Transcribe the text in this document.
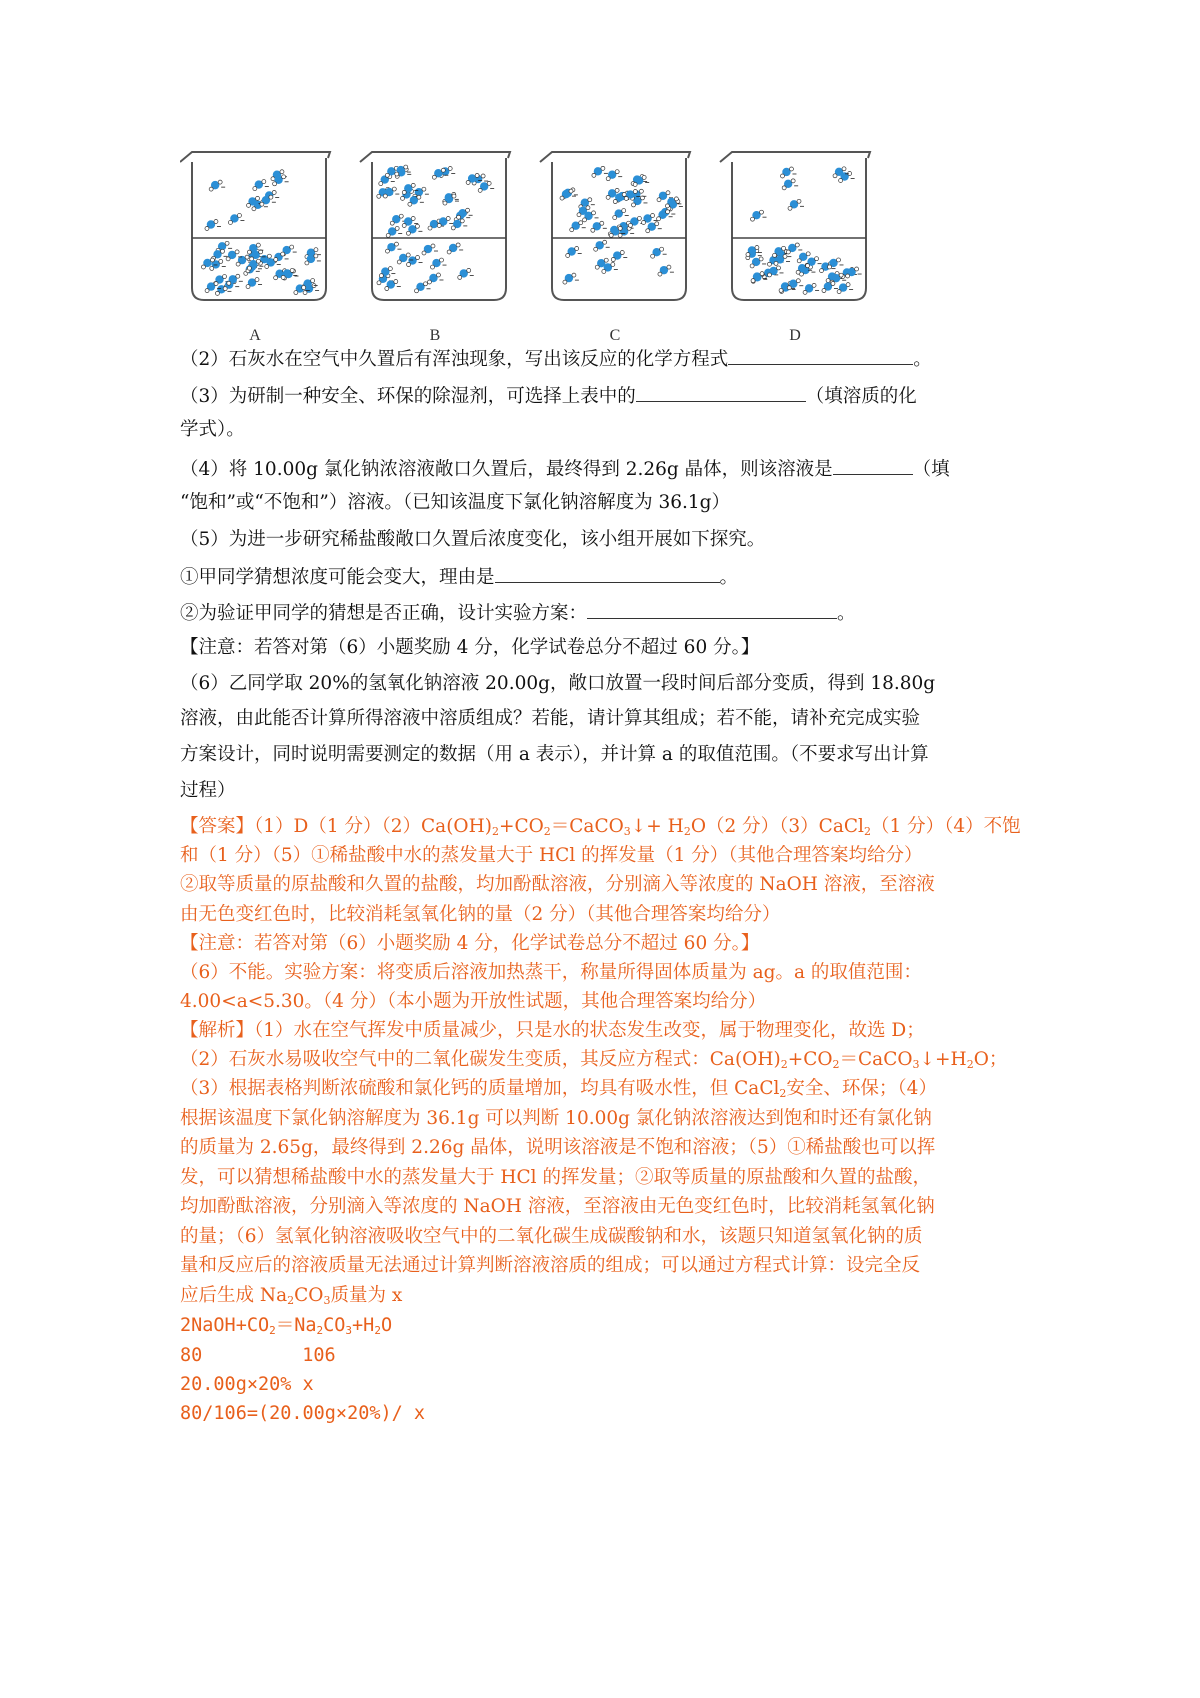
A	B	C	D
（2）石灰水在空气中久置后有浑浊现象，写出该反应的化学方程式	。
（3）为研制一种安全、环保的除湿剂，可选择上表中的	（填溶质的化
学式）。
（4）将 10.00g 氯化钠浓溶液敞口久置后，最终得到 2.26g 晶体，则该溶液是	（填
“饱和”或“不饱和”）溶液。（已知该温度下氯化钠溶解度为 36.1g）
（5）为进一步研究稀盐酸敞口久置后浓度变化，该小组开展如下探究。
①甲同学猜想浓度可能会变大，理由是	。
②为验证甲同学的猜想是否正确，设计实验方案：	。
【注意：若答对第（6）小题奖励 4 分，化学试卷总分不超过 60 分。】
（6）乙同学取 20%的氢氧化钠溶液 20.00g，敞口放置一段时间后部分变质，得到 18.80g
溶液，由此能否计算所得溶液中溶质组成？若能，请计算其组成；若不能，请补充完成实验
方案设计，同时说明需要测定的数据（用 a 表示），并计算 a 的取值范围。（不要求写出计算
过程）
【答案】（1）D（1 分）$(2)Ca(OH)_2+CO_2=CaCO_3↓+ H_2O(2$ 分）（3）CaCl$_2$（1 分）（4）不饱
和（1 分）（5）①稀盐酸中水的蒸发量大于 HCl 的挥发量（1 分）（其他合理答案均给分）
②取等质量的原盐酸和久置的盐酸，均加酚酞溶液，分别滴入等浓度的 NaOH 溶液，至溶液
由无色变红色时，比较消耗氢氧化钠的量（2 分）（其他合理答案均给分）
【注意：若答对第（6）小题奖励 4 分，化学试卷总分不超过 60 分。】
（6）不能。实验方案：将变质后溶液加热蒸干，称量所得固体质量为 ag。a 的取值范围：
4.00<a<5.30。（4 分）（本小题为开放性试题，其他合理答案均给分）
【解析】（1）水在空气挥发中质量减少，只是水的状态发生改变，属于物理变化，故选 D；
（2）石灰水易吸收空气中的二氧化碳发生变质，其反应方程式：$Ca(OH)_2+CO_2=CaCO_3↓+H_2O$；
（3）根据表格判断浓硫酸和氯化钙的质量增加，均具有吸水性，但 CaCl$_2$安全、环保；（4）
根据该温度下氯化钠溶解度为 36.1g 可以判断 10.00g 氯化钠浓溶液达到饱和时还有氯化钠
的质量为 2.65g，最终得到 2.26g 晶体，说明该溶液是不饱和溶液；（5）①稀盐酸也可以挥
发，可以猜想稀盐酸中水的蒸发量大于 HCl 的挥发量；②取等质量的原盐酸和久置的盐酸，
均加酚酞溶液，分别滴入等浓度的 NaOH 溶液，至溶液由无色变红色时，比较消耗氢氧化钠
的量；（6）氢氧化钠溶液吸收空气中的二氧化碳生成碳酸钠和水，该题只知道氢氧化钠的质
量和反应后的溶液质量无法通过计算判断溶液溶质的组成；可以通过方程式计算：设完全反
应后生成 $Na_2CO_3$质量为 x
$2NaOH+CO_2=Na_2CO_3+H_2O$
80	106
20.00g×20% x
80/106=(20.00g×20%)/ x
